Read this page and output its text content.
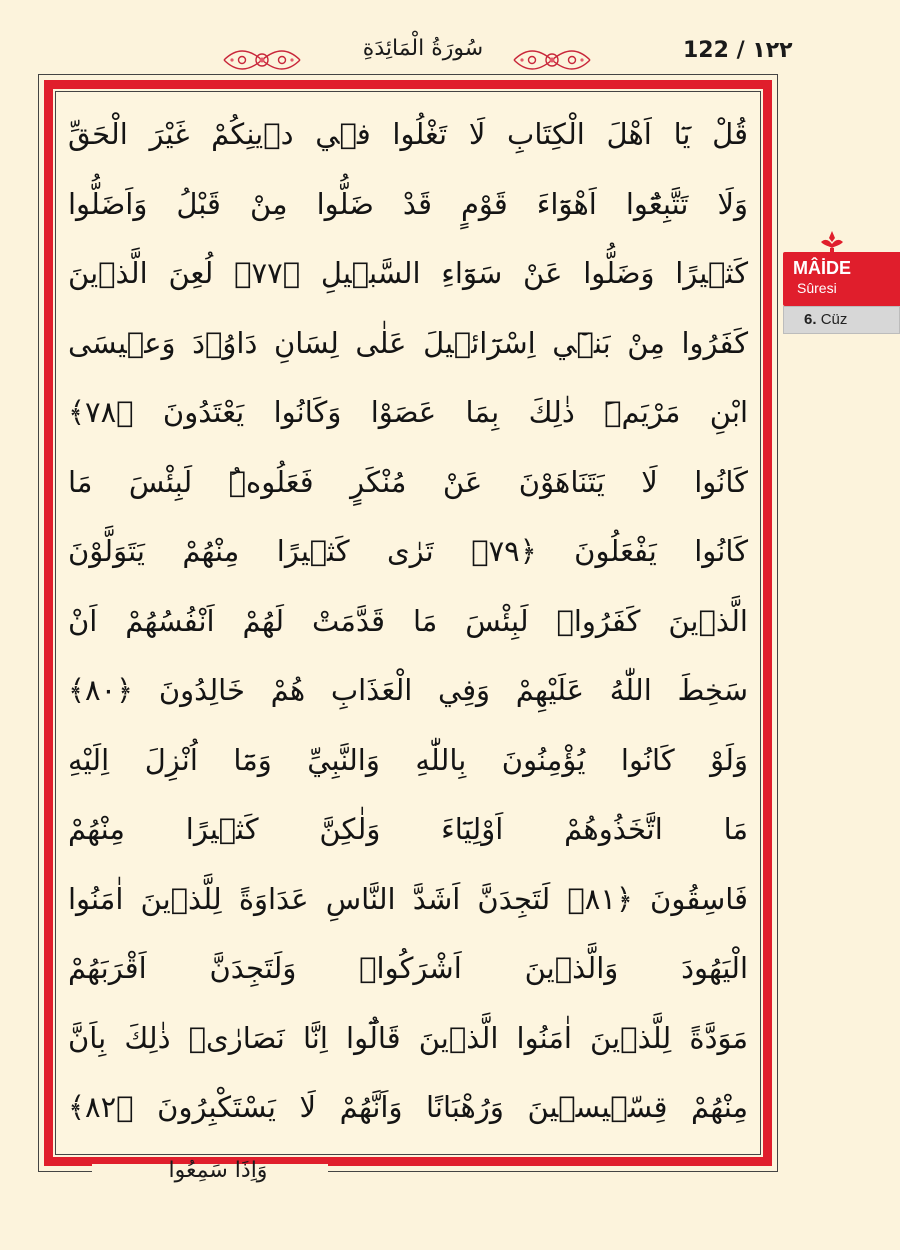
122 / ١٢٢
سُورَةُ الْمَائِدَةِ
وَاِذَا سَمِعُوا
قُلْ يَٓا اَهْلَ الْكِتَابِ لَا تَغْلُوا ف۪ي د۪ينِكُمْ غَيْرَ الْحَقِّ
وَلَا تَتَّبِعُٓوا اَهْوَٓاءَ قَوْمٍ قَدْ ضَلُّوا مِنْ قَبْلُ وَاَضَلُّوا
كَث۪يرًا وَضَلُّوا عَنْ سَوَٓاءِ السَّب۪يلِ ﴿٧٧﴾ لُعِنَ الَّذ۪ينَ
كَفَرُوا مِنْ بَن۪ٓي اِسْرَٓائ۪يلَ عَلٰى لِسَانِ دَاوُ۫دَ وَع۪يسَى
ابْنِ مَرْيَمَۜ ذٰلِكَ بِمَا عَصَوْا وَكَانُوا يَعْتَدُونَ ﴿٧٨﴾
كَانُوا لَا يَتَنَاهَوْنَ عَنْ مُنْكَرٍ فَعَلُوهُۜ لَبِئْسَ مَا
كَانُوا يَفْعَلُونَ ﴿٧٩﴾ تَرٰى كَث۪يرًا مِنْهُمْ يَتَوَلَّوْنَ
الَّذ۪ينَ كَفَرُواۜ لَبِئْسَ مَا قَدَّمَتْ لَهُمْ اَنْفُسُهُمْ اَنْ
سَخِطَ اللّٰهُ عَلَيْهِمْ وَفِي الْعَذَابِ هُمْ خَالِدُونَ ﴿٨٠﴾
وَلَوْ كَانُوا يُؤْمِنُونَ بِاللّٰهِ وَالنَّبِيِّ وَمَٓا اُنْزِلَ اِلَيْهِ
مَا اتَّخَذُوهُمْ اَوْلِيَٓاءَ وَلٰكِنَّ كَث۪يرًا مِنْهُمْ
فَاسِقُونَ ﴿٨١﴾ لَتَجِدَنَّ اَشَدَّ النَّاسِ عَدَاوَةً لِلَّذ۪ينَ اٰمَنُوا
الْيَهُودَ وَالَّذ۪ينَ اَشْرَكُواۚ وَلَتَجِدَنَّ اَقْرَبَهُمْ
مَوَدَّةً لِلَّذ۪ينَ اٰمَنُوا الَّذ۪ينَ قَالُٓوا اِنَّا نَصَارٰىۜ ذٰلِكَ بِاَنَّ
مِنْهُمْ قِسّ۪يس۪ينَ وَرُهْبَانًا وَاَنَّهُمْ لَا يَسْتَكْبِرُونَ ﴿٨٢﴾
MÂİDE
Sûresi
6. Cüz
